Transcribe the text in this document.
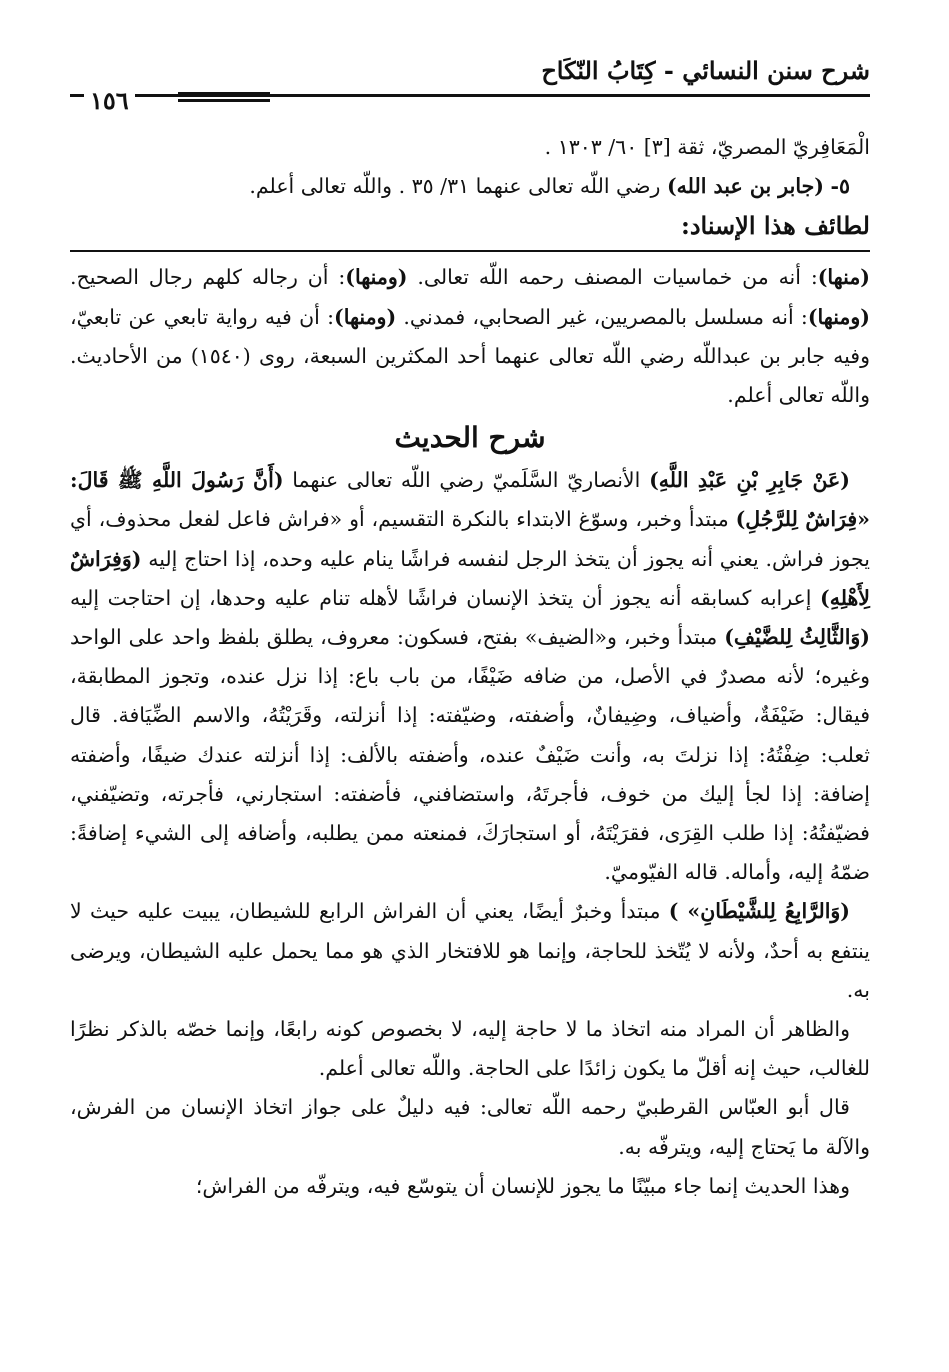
شرح سنن النسائي - كِتَابُ النّكَاح
١٥٦

الْمَعَافِريّ المصريّ، ثقة [٣] ٦٠/ ١٣٠٣ .

٥- (جابر بن عبد الله) رضي اللّه تعالى عنهما ٣١/ ٣٥ . واللّه تعالى أعلم.

لطائف هذا الإسناد:

(منها): أنه من خماسيات المصنف رحمه اللّه تعالى. (ومنها): أن رجاله كلهم رجال الصحيح. (ومنها): أنه مسلسل بالمصريين، غير الصحابي، فمدني. (ومنها): أن فيه رواية تابعي عن تابعيّ، وفيه جابر بن عبداللّه رضي اللّه تعالى عنهما أحد المكثرين السبعة، روى (١٥٤٠) من الأحاديث. واللّه تعالى أعلم.

شرح الحديث

(عَنْ جَابِرِ بْنِ عَبْدِ اللَّهِ) الأنصاريّ السَّلَميّ رضي اللّه تعالى عنهما (أَنَّ رَسُولَ اللَّهِ ﷺ قَالَ: «فِرَاشٌ لِلرَّجُلِ) مبتدأ وخبر، وسوّغ الابتداء بالنكرة التقسيم، أو «فراش فاعل لفعل محذوف، أي يجوز فراش. يعني أنه يجوز أن يتخذ الرجل لنفسه فراشًا ينام عليه وحده، إذا احتاج إليه (وَفِرَاشٌ لِأَهْلِهِ) إعرابه كسابقه أنه يجوز أن يتخذ الإنسان فراشًا لأهله تنام عليه وحدها، إن احتاجت إليه (وَالثَّالِثُ لِلضَّيْفِ) مبتدأ وخبر، و«الضيف» بفتح، فسكون: معروف، يطلق بلفظ واحد على الواحد وغيره؛ لأنه مصدرٌ في الأصل، من ضافه ضَيْفًا، من باب باع: إذا نزل عنده، وتجوز المطابقة، فيقال: ضَيْفَةٌ، وأضياف، وضِيفانٌ، وأضفته، وضيّفته: إذا أنزلته، وقَرَيْتُهُ، والاسم الضِّيَافة. قال ثعلب: ضِفْتُهُ: إذا نزلتَ به، وأنت ضَيْفٌ عنده، وأضفته بالألف: إذا أنزلته عندك ضيفًا، وأضفته إضافة: إذا لجأ إليك من خوف، فأجرتَهُ، واستضافني، فأضفته: استجارني، فأجرته، وتضيّفني، فضيّفتُهُ: إذا طلب القِرَى، فقرَيْتَهُ، أو استجارَكَ، فمنعته ممن يطلبه، وأضافه إلى الشيء إضافةً: ضمّهُ إليه، وأماله. قاله الفيّوميّ.

(وَالرَّابِعُ لِلشَّيْطَانِ» ) مبتدأ وخبرٌ أيضًا، يعني أن الفراش الرابع للشيطان، يبيت عليه حيث لا ينتفع به أحدٌ، ولأنه لا يُتّخذ للحاجة، وإنما هو للافتخار الذي هو مما يحمل عليه الشيطان، ويرضى به.

والظاهر أن المراد منه اتخاذ ما لا حاجة إليه، لا بخصوص كونه رابعًا، وإنما خصّه بالذكر نظرًا للغالب، حيث إنه أقلّ ما يكون زائدًا على الحاجة. واللّه تعالى أعلم.

قال أبو العبّاس القرطبيّ رحمه اللّه تعالى: فيه دليلٌ على جواز اتخاذ الإنسان من الفرش، والآلة ما يَحتاج إليه، ويترفّه به.

وهذا الحديث إنما جاء مبيّنًا ما يجوز للإنسان أن يتوسّع فيه، ويترفّه من الفراش؛
